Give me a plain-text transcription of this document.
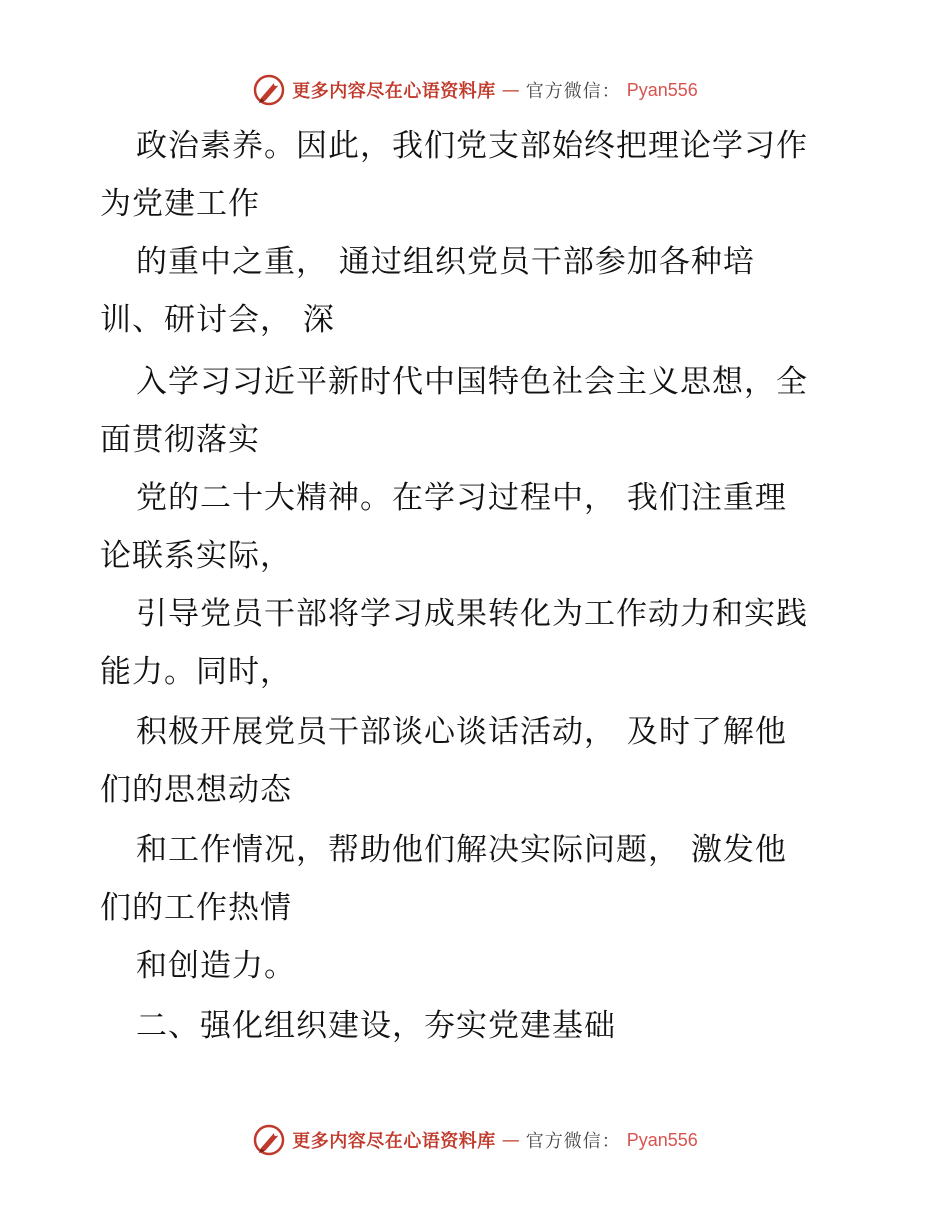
更多内容尽在心语资料库 — 官方微信： Pyan556
政治素养。因此，我们党支部始终把理论学习作
为党建工作
的重中之重， 通过组织党员干部参加各种培
训、研讨会， 深
入学习习近平新时代中国特色社会主义思想，全
面贯彻落实
党的二十大精神。在学习过程中， 我们注重理
论联系实际，
引导党员干部将学习成果转化为工作动力和实践
能力。同时，
积极开展党员干部谈心谈话活动， 及时了解他
们的思想动态
和工作情况，帮助他们解决实际问题， 激发他
们的工作热情
和创造力。
二、强化组织建设，夯实党建基础
更多内容尽在心语资料库 — 官方微信： Pyan556
